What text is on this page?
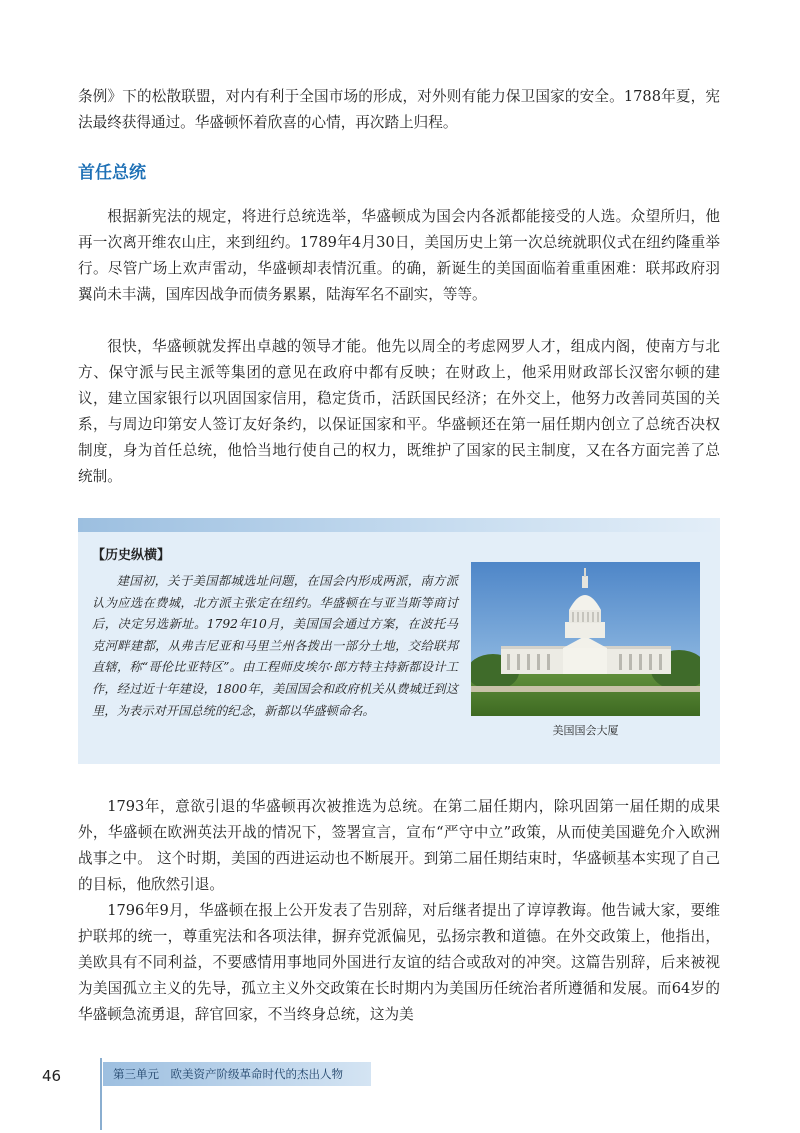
条例》下的松散联盟，对内有利于全国市场的形成，对外则有能力保卫国家的安全。1788年夏，宪法最终获得通过。华盛顿怀着欣喜的心情，再次踏上归程。

首任总统

根据新宪法的规定，将进行总统选举，华盛顿成为国会内各派都能接受的人选。众望所归，他再一次离开维农山庄，来到纽约。1789年4月30日，美国历史上第一次总统就职仪式在纽约隆重举行。尽管广场上欢声雷动，华盛顿却表情沉重。的确，新诞生的美国面临着重重困难：联邦政府羽翼尚未丰满，国库因战争而债务累累，陆海军名不副实，等等。

很快，华盛顿就发挥出卓越的领导才能。他先以周全的考虑网罗人才，组成内阁，使南方与北方、保守派与民主派等集团的意见在政府中都有反映；在财政上，他采用财政部长汉密尔顿的建议，建立国家银行以巩固国家信用，稳定货币，活跃国民经济；在外交上，他努力改善同英国的关系，与周边印第安人签订友好条约，以保证国家和平。华盛顿还在第一届任期内创立了总统否决权制度，身为首任总统，他恰当地行使自己的权力，既维护了国家的民主制度，又在各方面完善了总统制。

【历史纵横】

建国初，关于美国都城选址问题，在国会内形成两派，南方派认为应选在费城，北方派主张定在纽约。华盛顿在与亚当斯等商讨后，决定另选新址。1792年10月，美国国会通过方案，在波托马克河畔建都，从弗吉尼亚和马里兰州各拨出一部分土地，交给联邦直辖，称“哥伦比亚特区”。由工程师皮埃尔·郎方特主持新都设计工作，经过近十年建设，1800年，美国国会和政府机关从费城迁到这里，为表示对开国总统的纪念，新都以华盛顿命名。

美国国会大厦

1793年，意欲引退的华盛顿再次被推选为总统。在第二届任期内，除巩固第一届任期的成果外，华盛顿在欧洲英法开战的情况下，签署宣言，宣布“严守中立”政策，从而使美国避免介入欧洲战事之中。 这个时期，美国的西进运动也不断展开。到第二届任期结束时，华盛顿基本实现了自己的目标，他欣然引退。

1796年9月，华盛顿在报上公开发表了告别辞，对后继者提出了谆谆教诲。他告诫大家，要维护联邦的统一，尊重宪法和各项法律，摒弃党派偏见，弘扬宗教和道德。在外交政策上，他指出，美欧具有不同利益，不要感情用事地同外国进行友谊的结合或敌对的冲突。这篇告别辞，后来被视为美国孤立主义的先导，孤立主义外交政策在长时期内为美国历任统治者所遵循和发展。而64岁的华盛顿急流勇退，辞官回家，不当终身总统，这为美

46	第三单元　欧美资产阶级革命时代的杰出人物
